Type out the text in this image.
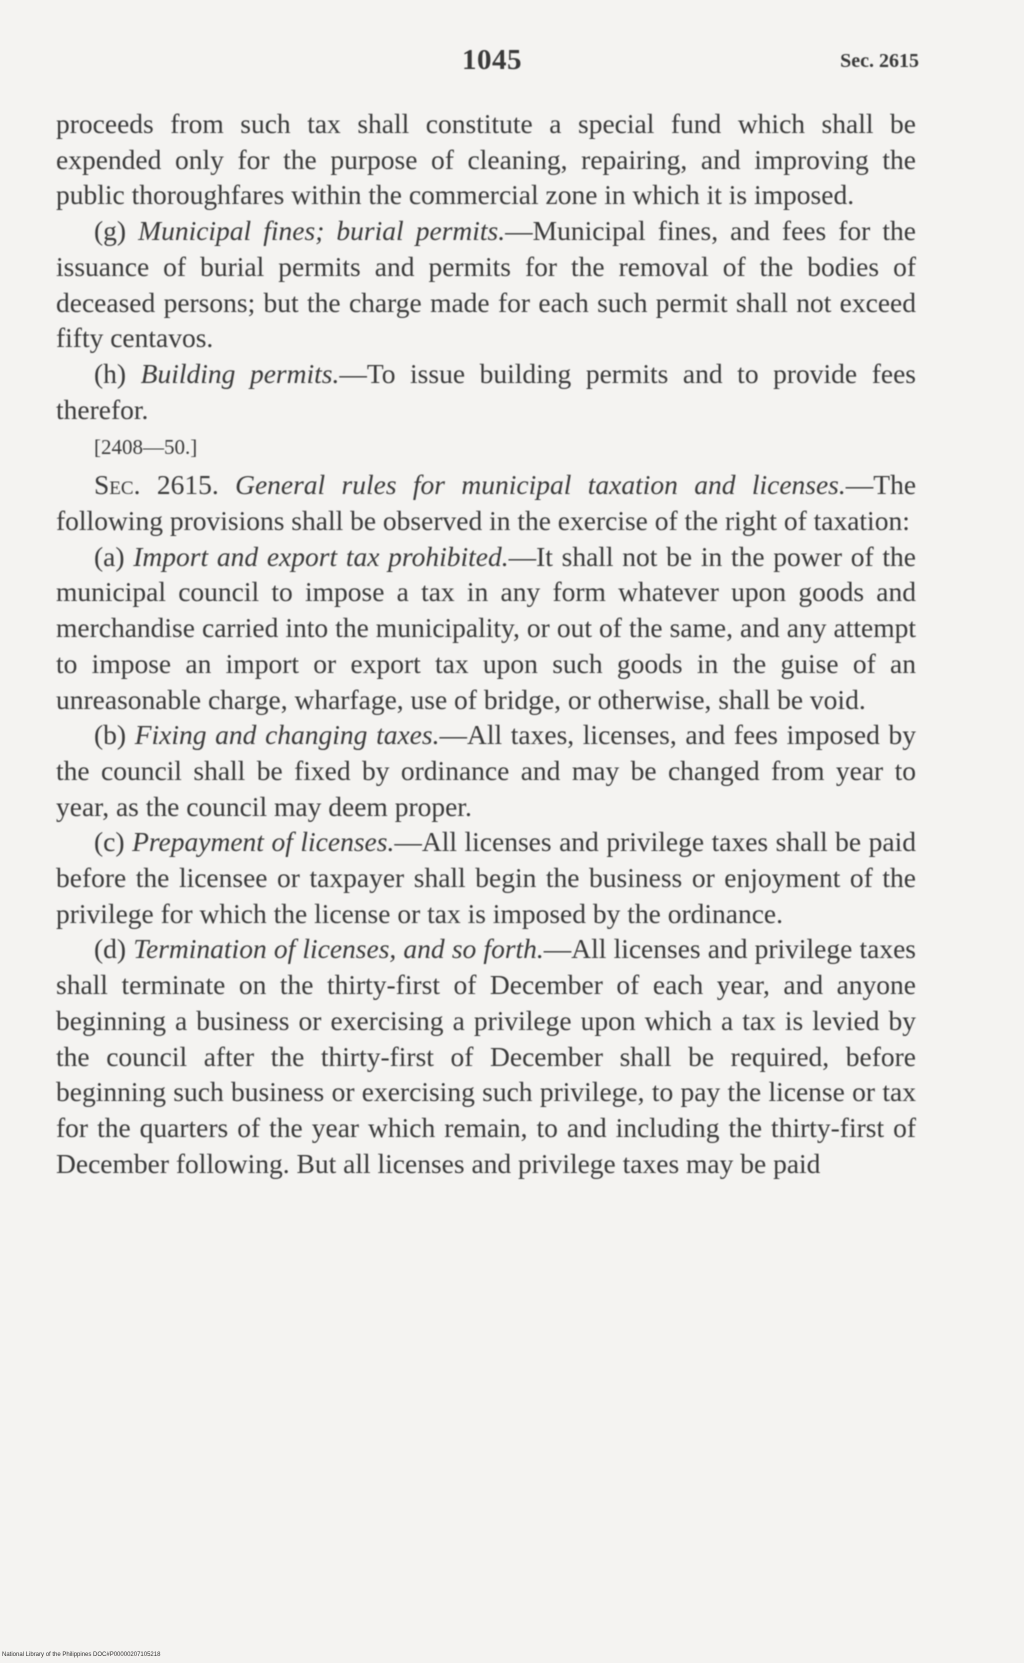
1045	Sec. 2615

proceeds from such tax shall constitute a special fund which shall be expended only for the purpose of cleaning, repairing, and improving the public thoroughfares within the commercial zone in which it is imposed.

(g) Municipal fines; burial permits.—Municipal fines, and fees for the issuance of burial permits and permits for the removal of the bodies of deceased persons; but the charge made for each such permit shall not exceed fifty centavos.

(h) Building permits.—To issue building permits and to provide fees therefor.

[2408—50.]

Sec. 2615. General rules for municipal taxation and licenses.—The following provisions shall be observed in the exercise of the right of taxation:

(a) Import and export tax prohibited.—It shall not be in the power of the municipal council to impose a tax in any form whatever upon goods and merchandise carried into the municipality, or out of the same, and any attempt to impose an import or export tax upon such goods in the guise of an unreasonable charge, wharfage, use of bridge, or otherwise, shall be void.

(b) Fixing and changing taxes.—All taxes, licenses, and fees imposed by the council shall be fixed by ordinance and may be changed from year to year, as the council may deem proper.

(c) Prepayment of licenses.—All licenses and privilege taxes shall be paid before the licensee or taxpayer shall begin the business or enjoyment of the privilege for which the license or tax is imposed by the ordinance.

(d) Termination of licenses, and so forth.—All licenses and privilege taxes shall terminate on the thirty-first of December of each year, and anyone beginning a business or exercising a privilege upon which a tax is levied by the council after the thirty-first of December shall be required, before beginning such business or exercising such privilege, to pay the license or tax for the quarters of the year which remain, to and including the thirty-first of December following. But all licenses and privilege taxes may be paid

National Library of the Philippines DOC#P00000207105218
